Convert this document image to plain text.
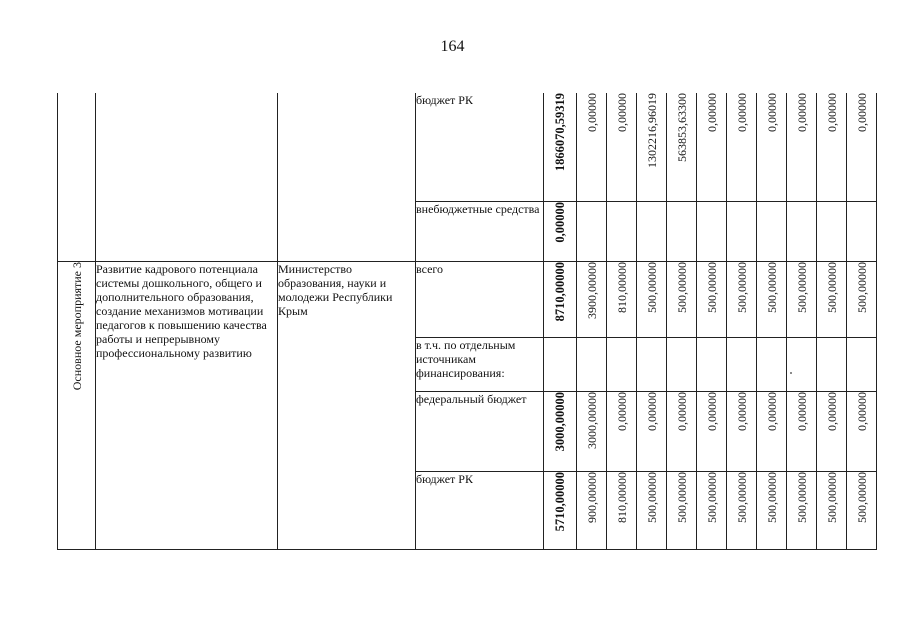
164
			бюджет РК	1866070,59319	0,00000	0,00000	1302216,96019	563853,63300	0,00000	0,00000	0,00000	0,00000	0,00000	0,00000
			внебюджетные средства	0,00000										
Основное мероприятие 3	Развитие кадрового потенциала системы дошкольного, общего и дополнительного образования, создание механизмов мотивации педагогов к повышению качества работы и непрерывному профессиональному развитию	Министерство образования, науки и молодежи Республики Крым	всего	8710,00000	3900,00000	810,00000	500,00000	500,00000	500,00000	500,00000	500,00000	500,00000	500,00000	500,00000
			в т.ч. по отдельным источникам финансирования:											
			федеральный бюджет	3000,00000	3000,00000	0,00000	0,00000	0,00000	0,00000	0,00000	0,00000	0,00000	0,00000	0,00000
			бюджет РК	5710,00000	900,00000	810,00000	500,00000	500,00000	500,00000	500,00000	500,00000	500,00000	500,00000	500,00000
